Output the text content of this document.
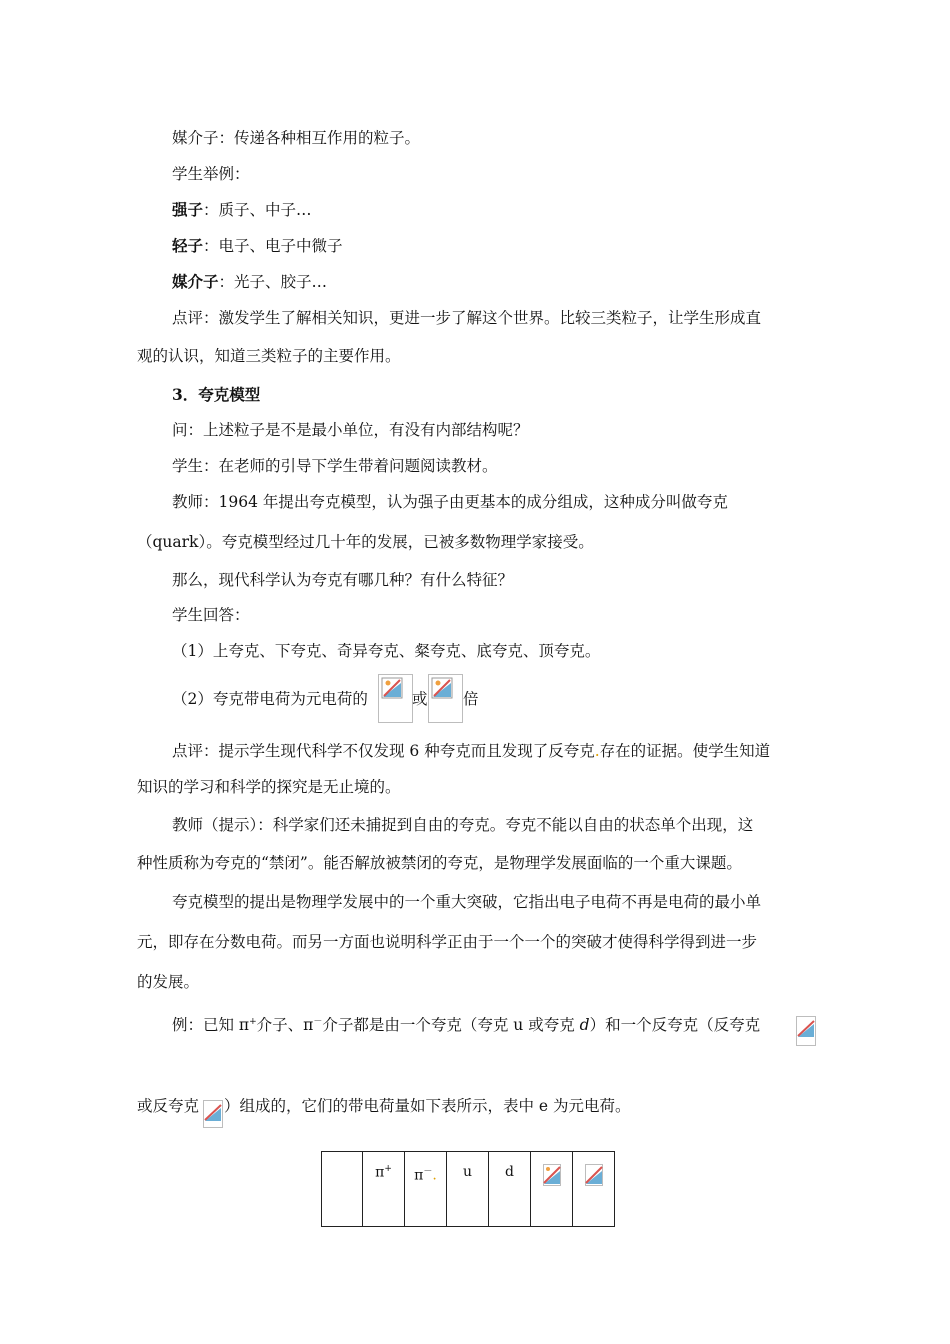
媒介子：传递各种相互作用的粒子。
学生举例：
强子：质子、中子…
轻子：电子、电子中微子
媒介子：光子、胶子…
点评：激发学生了解相关知识，更进一步了解这个世界。比较三类粒子，让学生形成直
观的认识，知道三类粒子的主要作用。
3．夸克模型
问：上述粒子是不是最小单位，有没有内部结构呢？
学生：在老师的引导下学生带着问题阅读教材。
教师：1964 年提出夸克模型，认为强子由更基本的成分组成，这种成分叫做夸克
（quark）。夸克模型经过几十年的发展，已被多数物理学家接受。
那么，现代科学认为夸克有哪几种？有什么特征？
学生回答：
（1）上夸克、下夸克、奇异夸克、粲夸克、底夸克、顶夸克。
（2）夸克带电荷为元电荷的	或 倍
点评：提示学生现代科学不仅发现 6 种夸克而且发现了反夸克.存在的证据。使学生知道
知识的学习和科学的探究是无止境的。
教师（提示）：科学家们还未捕捉到自由的夸克。夸克不能以自由的状态单个出现，这
种性质称为夸克的“禁闭”。能否解放被禁闭的夸克，是物理学发展面临的一个重大课题。
夸克模型的提出是物理学发展中的一个重大突破，它指出电子电荷不再是电荷的最小单
元，即存在分数电荷。而另一方面也说明科学正由于一个一个的突破才使得科学得到进一步
的发展。
例：已知 π+介子、π－介子都是由一个夸克（夸克 u 或夸克 d）和一个反夸克（反夸克
或反夸克 ）组成的，它们的带电荷量如下表所示，表中 e 为元电荷。
	π+	π－.	u	d		
